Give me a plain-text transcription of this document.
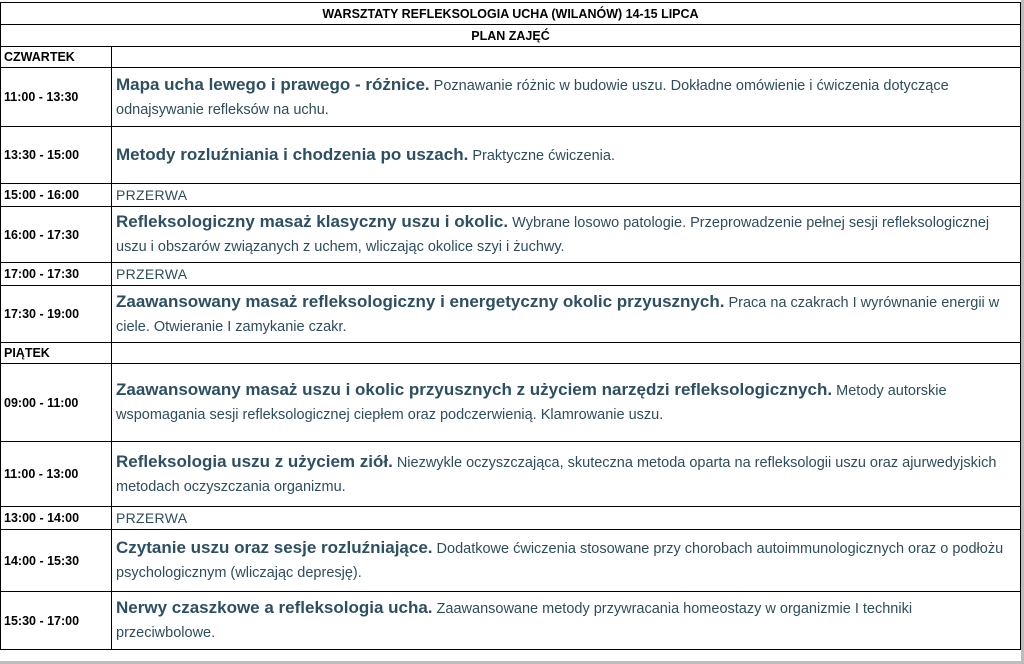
WARSZTATY REFLEKSOLOGIA UCHA (WILANÓW) 14-15 LIPCA	
PLAN ZAJĘĆ	
CZWARTEK	
11:00 - 13:30	Mapa ucha lewego i prawego - różnice. Poznawanie różnic w budowie uszu. Dokładne omówienie i ćwiczenia dotyczące odnajsywanie refleksów na uchu.
13:30 - 15:00	Metody rozluźniania i chodzenia po uszach. Praktyczne ćwiczenia.
15:00 - 16:00	PRZERWA
16:00 - 17:30	Refleksologiczny masaż klasyczny uszu i okolic. Wybrane losowo patologie. Przeprowadzenie pełnej sesji refleksologicznej uszu i obszarów związanych z uchem, wliczając okolice szyi i żuchwy.
17:00 - 17:30	PRZERWA
17:30 - 19:00	Zaawansowany masaż refleksologiczny i energetyczny okolic przyusznych. Praca na czakrach I wyrównanie energii w ciele. Otwieranie I zamykanie czakr.
PIĄTEK	
09:00 - 11:00	Zaawansowany masaż uszu i okolic przyusznych z użyciem narzędzi refleksologicznych. Metody autorskie wspomagania sesji refleksologicznej ciepłem oraz podczerwienią. Klamrowanie uszu.
11:00 - 13:00	Refleksologia uszu z użyciem ziół. Niezwykle oczyszczająca, skuteczna metoda oparta na refleksologii uszu oraz ajurwedyjskich metodach oczyszczania organizmu.
13:00 - 14:00	PRZERWA
14:00 - 15:30	Czytanie uszu oraz sesje rozluźniające. Dodatkowe ćwiczenia stosowane przy chorobach autoimmunologicznych oraz o podłożu psychologicznym (wliczając depresję).
15:30 - 17:00	Nerwy czaszkowe a refleksologia ucha. Zaawansowane metody przywracania homeostazy w organizmie I techniki przeciwbolowe.
